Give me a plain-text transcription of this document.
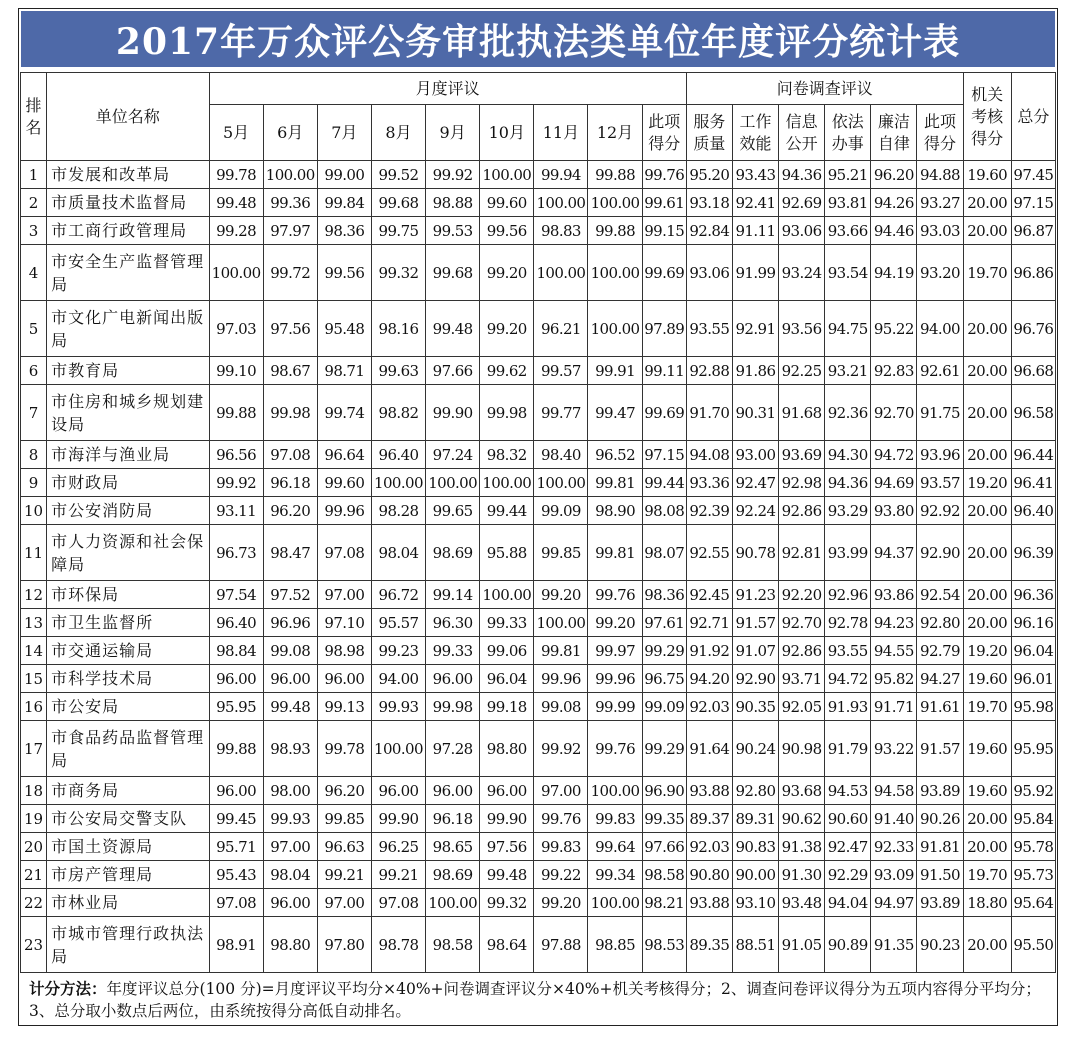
2017年万众评公务审批执法类单位年度评分统计表
排名	单位名称	月度评议									问卷调查评议						机关考核得分	总分
		5月	6月	7月	8月	9月	10月	11月	12月	此项得分	服务质量	工作效能	信息公开	依法办事	廉洁自律	此项得分		
1	市发展和改革局	99.78	100.00	99.00	99.52	99.92	100.00	99.94	99.88	99.76	95.20	93.43	94.36	95.21	96.20	94.88	19.60	97.45
2	市质量技术监督局	99.48	99.36	99.84	99.68	98.88	99.60	100.00	100.00	99.61	93.18	92.41	92.69	93.81	94.26	93.27	20.00	97.15
3	市工商行政管理局	99.28	97.97	98.36	99.75	99.53	99.56	98.83	99.88	99.15	92.84	91.11	93.06	93.66	94.46	93.03	20.00	96.87
4	市安全生产监督管理局	100.00	99.72	99.56	99.32	99.68	99.20	100.00	100.00	99.69	93.06	91.99	93.24	93.54	94.19	93.20	19.70	96.86
5	市文化广电新闻出版局	97.03	97.56	95.48	98.16	99.48	99.20	96.21	100.00	97.89	93.55	92.91	93.56	94.75	95.22	94.00	20.00	96.76
6	市教育局	99.10	98.67	98.71	99.63	97.66	99.62	99.57	99.91	99.11	92.88	91.86	92.25	93.21	92.83	92.61	20.00	96.68
7	市住房和城乡规划建设局	99.88	99.98	99.74	98.82	99.90	99.98	99.77	99.47	99.69	91.70	90.31	91.68	92.36	92.70	91.75	20.00	96.58
8	市海洋与渔业局	96.56	97.08	96.64	96.40	97.24	98.32	98.40	96.52	97.15	94.08	93.00	93.69	94.30	94.72	93.96	20.00	96.44
9	市财政局	99.92	96.18	99.60	100.00	100.00	100.00	100.00	99.81	99.44	93.36	92.47	92.98	94.36	94.69	93.57	19.20	96.41
10	市公安消防局	93.11	96.20	99.96	98.28	99.65	99.44	99.09	98.90	98.08	92.39	92.24	92.86	93.29	93.80	92.92	20.00	96.40
11	市人力资源和社会保障局	96.73	98.47	97.08	98.04	98.69	95.88	99.85	99.81	98.07	92.55	90.78	92.81	93.99	94.37	92.90	20.00	96.39
12	市环保局	97.54	97.52	97.00	96.72	99.14	100.00	99.20	99.76	98.36	92.45	91.23	92.20	92.96	93.86	92.54	20.00	96.36
13	市卫生监督所	96.40	96.96	97.10	95.57	96.30	99.33	100.00	99.20	97.61	92.71	91.57	92.70	92.78	94.23	92.80	20.00	96.16
14	市交通运输局	98.84	99.08	98.98	99.23	99.33	99.06	99.81	99.97	99.29	91.92	91.07	92.86	93.55	94.55	92.79	19.20	96.04
15	市科学技术局	96.00	96.00	96.00	94.00	96.00	96.04	99.96	99.96	96.75	94.20	92.90	93.71	94.72	95.82	94.27	19.60	96.01
16	市公安局	95.95	99.48	99.13	99.93	99.98	99.18	99.08	99.99	99.09	92.03	90.35	92.05	91.93	91.71	91.61	19.70	95.98
17	市食品药品监督管理局	99.88	98.93	99.78	100.00	97.28	98.80	99.92	99.76	99.29	91.64	90.24	90.98	91.79	93.22	91.57	19.60	95.95
18	市商务局	96.00	98.00	96.20	96.00	96.00	96.00	97.00	100.00	96.90	93.88	92.80	93.68	94.53	94.58	93.89	19.60	95.92
19	市公安局交警支队	99.45	99.93	99.85	99.90	96.18	99.90	99.76	99.83	99.35	89.37	89.31	90.62	90.60	91.40	90.26	20.00	95.84
20	市国土资源局	95.71	97.00	96.63	96.25	98.65	97.56	99.83	99.64	97.66	92.03	90.83	91.38	92.47	92.33	91.81	20.00	95.78
21	市房产管理局	95.43	98.04	99.21	99.21	98.69	99.48	99.22	99.34	98.58	90.80	90.00	91.30	92.29	93.09	91.50	19.70	95.73
22	市林业局	97.08	96.00	97.00	97.08	100.00	99.32	99.20	100.00	98.21	93.88	93.10	93.48	94.04	94.97	93.89	18.80	95.64
23	市城市管理行政执法局	98.91	98.80	97.80	98.78	98.58	98.64	97.88	98.85	98.53	89.35	88.51	91.05	90.89	91.35	90.23	20.00	95.50
计分方法：年度评议总分(100 分)=月度评议平均分×40%+问卷调查评议分×40%+机关考核得分；2、调查问卷评议得分为五项内容得分平均分；3、总分取小数点后两位，由系统按得分高低自动排名。
